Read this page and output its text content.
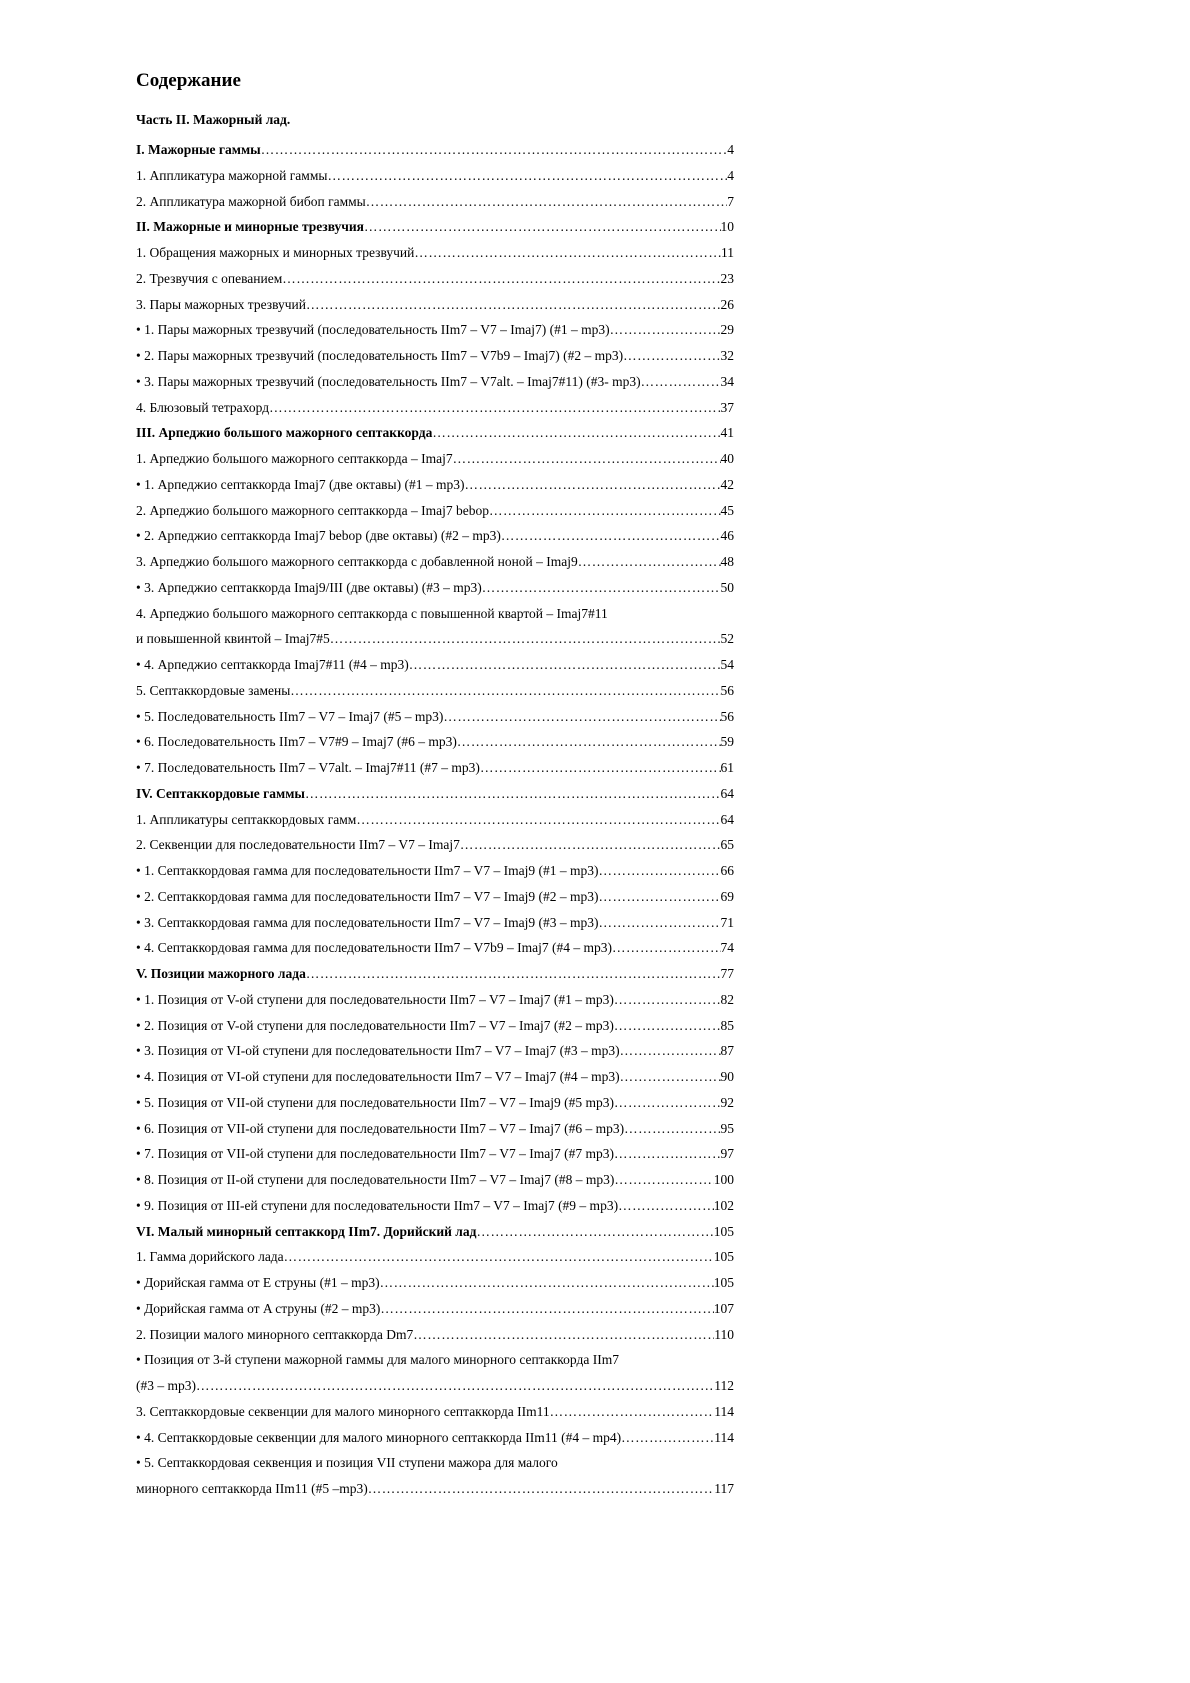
Содержание
Часть II. Мажорный лад.
I. Мажорные гаммы …………………………………………………………………………………………………………………………………………………………………………………………………………………………………………	4
1. Аппликатура мажорной гаммы …………………………………………………………………………………………………………………………………………………………………………………………………………………………………………	4
2. Аппликатура мажорной бибоп гаммы …………………………………………………………………………………………………………………………………………………………………………………………………………………………………………	7
II. Мажорные и минорные трезвучия …………………………………………………………………………………………………………………………………………………………………………………………………………………………………………	10
1. Обращения мажорных и минорных трезвучий …………………………………………………………………………………………………………………………………………………………………………………………………………………………………………	11
2. Трезвучия с опеванием …………………………………………………………………………………………………………………………………………………………………………………………………………………………………………	23
3. Пары мажорных трезвучий …………………………………………………………………………………………………………………………………………………………………………………………………………………………………………	26
• 1. Пары мажорных трезвучий (последовательность IIm7 – V7 – Imaj7) (#1 – mp3) …………………………………………………………………………………………………………………………………………………………………………………………………………………………………………	29
• 2. Пары мажорных трезвучий (последовательность IIm7 – V7b9 – Imaj7) (#2 – mp3) …………………………………………………………………………………………………………………………………………………………………………………………………………………………………………	32
• 3. Пары мажорных трезвучий (последовательность IIm7 – V7alt. – Imaj7#11) (#3- mp3) …………………………………………………………………………………………………………………………………………………………………………………………………………………………………………	34
4. Блюзовый тетрахорд …………………………………………………………………………………………………………………………………………………………………………………………………………………………………………	37
III. Арпеджио большого мажорного септаккорда …………………………………………………………………………………………………………………………………………………………………………………………………………………………………………	41
1. Арпеджио большого мажорного септаккорда – Imaj7 …………………………………………………………………………………………………………………………………………………………………………………………………………………………………………	40
• 1. Арпеджио септаккорда Imaj7 (две октавы) (#1 – mp3) …………………………………………………………………………………………………………………………………………………………………………………………………………………………………………	42
2. Арпеджио большого мажорного септаккорда – Imaj7 bebop …………………………………………………………………………………………………………………………………………………………………………………………………………………………………………	45
• 2. Арпеджио септаккорда Imaj7 bebop (две октавы) (#2 – mp3) …………………………………………………………………………………………………………………………………………………………………………………………………………………………………………	46
3. Арпеджио большого мажорного септаккорда с добавленной ноной – Imaj9 …………………………………………………………………………………………………………………………………………………………………………………………………………………………………………	48
• 3. Арпеджио септаккорда Imaj9/III (две октавы) (#3 – mp3) …………………………………………………………………………………………………………………………………………………………………………………………………………………………………………	50
4. Арпеджио большого мажорного септаккорда с повышенной квартой – Imaj7#11
и повышенной квинтой – Imaj7#5 …………………………………………………………………………………………………………………………………………………………………………………………………………………………………………	52
• 4. Арпеджио септаккорда Imaj7#11 (#4 – mp3) …………………………………………………………………………………………………………………………………………………………………………………………………………………………………………	54
5. Септаккордовые замены …………………………………………………………………………………………………………………………………………………………………………………………………………………………………………	56
• 5. Последовательность IIm7 – V7 – Imaj7 (#5 – mp3) …………………………………………………………………………………………………………………………………………………………………………………………………………………………………………	56
• 6. Последовательность IIm7 – V7#9 – Imaj7 (#6 – mp3) …………………………………………………………………………………………………………………………………………………………………………………………………………………………………………	59
• 7. Последовательность IIm7 – V7alt. – Imaj7#11 (#7 – mp3) …………………………………………………………………………………………………………………………………………………………………………………………………………………………………………	61
IV. Септаккордовые гаммы …………………………………………………………………………………………………………………………………………………………………………………………………………………………………………	64
1. Аппликатуры септаккордовых гамм …………………………………………………………………………………………………………………………………………………………………………………………………………………………………………	64
2. Секвенции для последовательности IIm7 – V7 – Imaj7 …………………………………………………………………………………………………………………………………………………………………………………………………………………………………………	65
• 1. Септаккордовая гамма для последовательности IIm7 – V7 – Imaj9 (#1 – mp3) …………………………………………………………………………………………………………………………………………………………………………………………………………………………………………	66
• 2. Септаккордовая гамма для последовательности IIm7 – V7 – Imaj9 (#2 – mp3) …………………………………………………………………………………………………………………………………………………………………………………………………………………………………………	69
• 3. Септаккордовая гамма для последовательности IIm7 – V7 – Imaj9 (#3 – mp3) …………………………………………………………………………………………………………………………………………………………………………………………………………………………………………	71
• 4. Септаккордовая гамма для последовательности IIm7 – V7b9 – Imaj7 (#4 – mp3) …………………………………………………………………………………………………………………………………………………………………………………………………………………………………………	74
V. Позиции мажорного лада …………………………………………………………………………………………………………………………………………………………………………………………………………………………………………	77
• 1. Позиция от V-ой ступени для последовательности IIm7 – V7 – Imaj7 (#1 – mp3) …………………………………………………………………………………………………………………………………………………………………………………………………………………………………………	82
• 2. Позиция от V-ой ступени для последовательности IIm7 – V7 – Imaj7 (#2 – mp3) …………………………………………………………………………………………………………………………………………………………………………………………………………………………………………	85
• 3. Позиция от VI-ой ступени для последовательности IIm7 – V7 – Imaj7 (#3 – mp3) …………………………………………………………………………………………………………………………………………………………………………………………………………………………………………	87
• 4. Позиция от VI-ой ступени для последовательности IIm7 – V7 – Imaj7 (#4 – mp3) …………………………………………………………………………………………………………………………………………………………………………………………………………………………………………	90
• 5. Позиция от VII-ой ступени для последовательности IIm7 – V7 – Imaj9 (#5 mp3) …………………………………………………………………………………………………………………………………………………………………………………………………………………………………………	92
• 6. Позиция от VII-ой ступени для последовательности IIm7 – V7 – Imaj7 (#6 – mp3) …………………………………………………………………………………………………………………………………………………………………………………………………………………………………………	95
• 7. Позиция от VII-ой ступени для последовательности IIm7 – V7 – Imaj7 (#7 mp3) …………………………………………………………………………………………………………………………………………………………………………………………………………………………………………	97
• 8. Позиция от II-ой ступени для последовательности IIm7 – V7 – Imaj7 (#8 – mp3) …………………………………………………………………………………………………………………………………………………………………………………………………………………………………………	100
• 9. Позиция от III-ей ступени для последовательности IIm7 – V7 – Imaj7 (#9 – mp3) …………………………………………………………………………………………………………………………………………………………………………………………………………………………………………	102
VI. Малый минорный септаккорд IIm7. Дорийский лад …………………………………………………………………………………………………………………………………………………………………………………………………………………………………………	105
1. Гамма дорийского лада …………………………………………………………………………………………………………………………………………………………………………………………………………………………………………	105
• Дорийская гамма от E струны (#1 – mp3) …………………………………………………………………………………………………………………………………………………………………………………………………………………………………………	105
• Дорийская гамма от A струны (#2 – mp3) …………………………………………………………………………………………………………………………………………………………………………………………………………………………………………	107
2. Позиции малого минорного септаккорда Dm7 …………………………………………………………………………………………………………………………………………………………………………………………………………………………………………	110
• Позиция от 3-й ступени мажорной гаммы для малого минорного септаккорда IIm7
(#3 – mp3) …………………………………………………………………………………………………………………………………………………………………………………………………………………………………………	112
3. Септаккордовые секвенции для малого минорного септаккорда IIm11 …………………………………………………………………………………………………………………………………………………………………………………………………………………………………………	114
• 4. Септаккордовые секвенции для малого минорного септаккорда IIm11 (#4 – mp4) …………………………………………………………………………………………………………………………………………………………………………………………………………………………………………	114
• 5. Септаккордовая секвенция и позиция VII ступени мажора для малого
минорного септаккорда IIm11 (#5 –mp3) …………………………………………………………………………………………………………………………………………………………………………………………………………………………………………	117
